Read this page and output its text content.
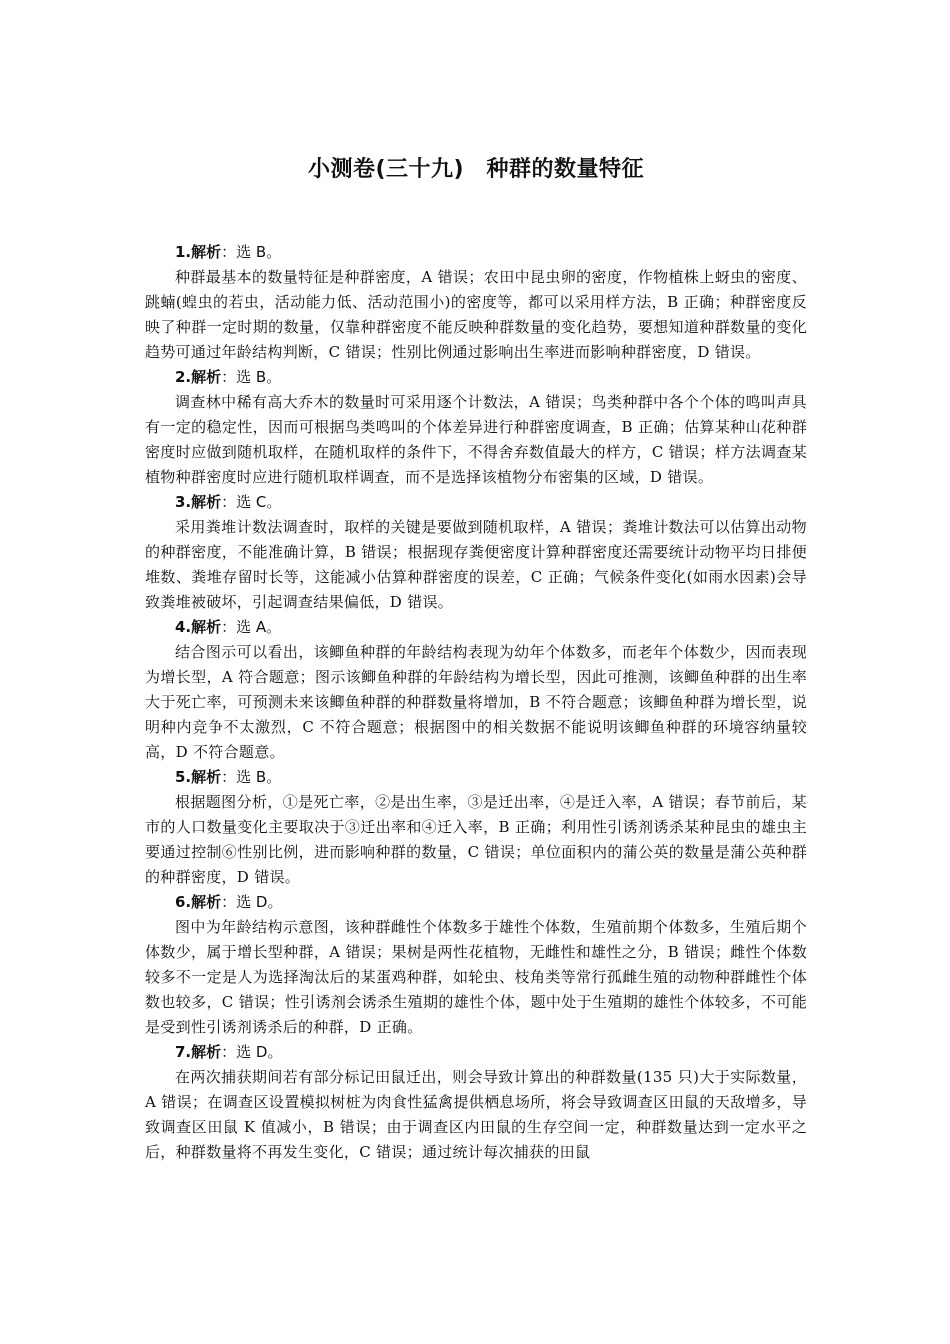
小测卷(三十九)　种群的数量特征

1.解析：选 B。

种群最基本的数量特征是种群密度，A 错误；农田中昆虫卵的密度，作物植株上蚜虫的密度、跳蝻(蝗虫的若虫，活动能力低、活动范围小)的密度等，都可以采用样方法，B 正确；种群密度反映了种群一定时期的数量，仅靠种群密度不能反映种群数量的变化趋势，要想知道种群数量的变化趋势可通过年龄结构判断，C 错误；性别比例通过影响出生率进而影响种群密度，D 错误。

2.解析：选 B。

调查林中稀有高大乔木的数量时可采用逐个计数法，A 错误；鸟类种群中各个个体的鸣叫声具有一定的稳定性，因而可根据鸟类鸣叫的个体差异进行种群密度调查，B 正确；估算某种山花种群密度时应做到随机取样，在随机取样的条件下，不得舍弃数值最大的样方，C 错误；样方法调查某植物种群密度时应进行随机取样调查，而不是选择该植物分布密集的区域，D 错误。

3.解析：选 C。

采用粪堆计数法调查时，取样的关键是要做到随机取样，A 错误；粪堆计数法可以估算出动物的种群密度，不能准确计算，B 错误；根据现存粪便密度计算种群密度还需要统计动物平均日排便堆数、粪堆存留时长等，这能减小估算种群密度的误差，C 正确；气候条件变化(如雨水因素)会导致粪堆被破坏，引起调查结果偏低，D 错误。

4.解析：选 A。

结合图示可以看出，该鲫鱼种群的年龄结构表现为幼年个体数多，而老年个体数少，因而表现为增长型，A 符合题意；图示该鲫鱼种群的年龄结构为增长型，因此可推测，该鲫鱼种群的出生率大于死亡率，可预测未来该鲫鱼种群的种群数量将增加，B 不符合题意；该鲫鱼种群为增长型，说明种内竞争不太激烈，C 不符合题意；根据图中的相关数据不能说明该鲫鱼种群的环境容纳量较高，D 不符合题意。

5.解析：选 B。

根据题图分析，①是死亡率，②是出生率，③是迁出率，④是迁入率，A 错误；春节前后，某市的人口数量变化主要取决于③迁出率和④迁入率，B 正确；利用性引诱剂诱杀某种昆虫的雄虫主要通过控制⑥性别比例，进而影响种群的数量，C 错误；单位面积内的蒲公英的数量是蒲公英种群的种群密度，D 错误。

6.解析：选 D。

图中为年龄结构示意图，该种群雌性个体数多于雄性个体数，生殖前期个体数多，生殖后期个体数少，属于增长型种群，A 错误；果树是两性花植物，无雌性和雄性之分，B 错误；雌性个体数较多不一定是人为选择淘汰后的某蛋鸡种群，如轮虫、枝角类等常行孤雌生殖的动物种群雌性个体数也较多，C 错误；性引诱剂会诱杀生殖期的雄性个体，题中处于生殖期的雄性个体较多，不可能是受到性引诱剂诱杀后的种群，D 正确。

7.解析：选 D。

在两次捕获期间若有部分标记田鼠迁出，则会导致计算出的种群数量(135 只)大于实际数量，A 错误；在调查区设置模拟树桩为肉食性猛禽提供栖息场所，将会导致调查区田鼠的天敌增多，导致调查区田鼠 K 值减小，B 错误；由于调查区内田鼠的生存空间一定，种群数量达到一定水平之后，种群数量将不再发生变化，C 错误；通过统计每次捕获的田鼠
